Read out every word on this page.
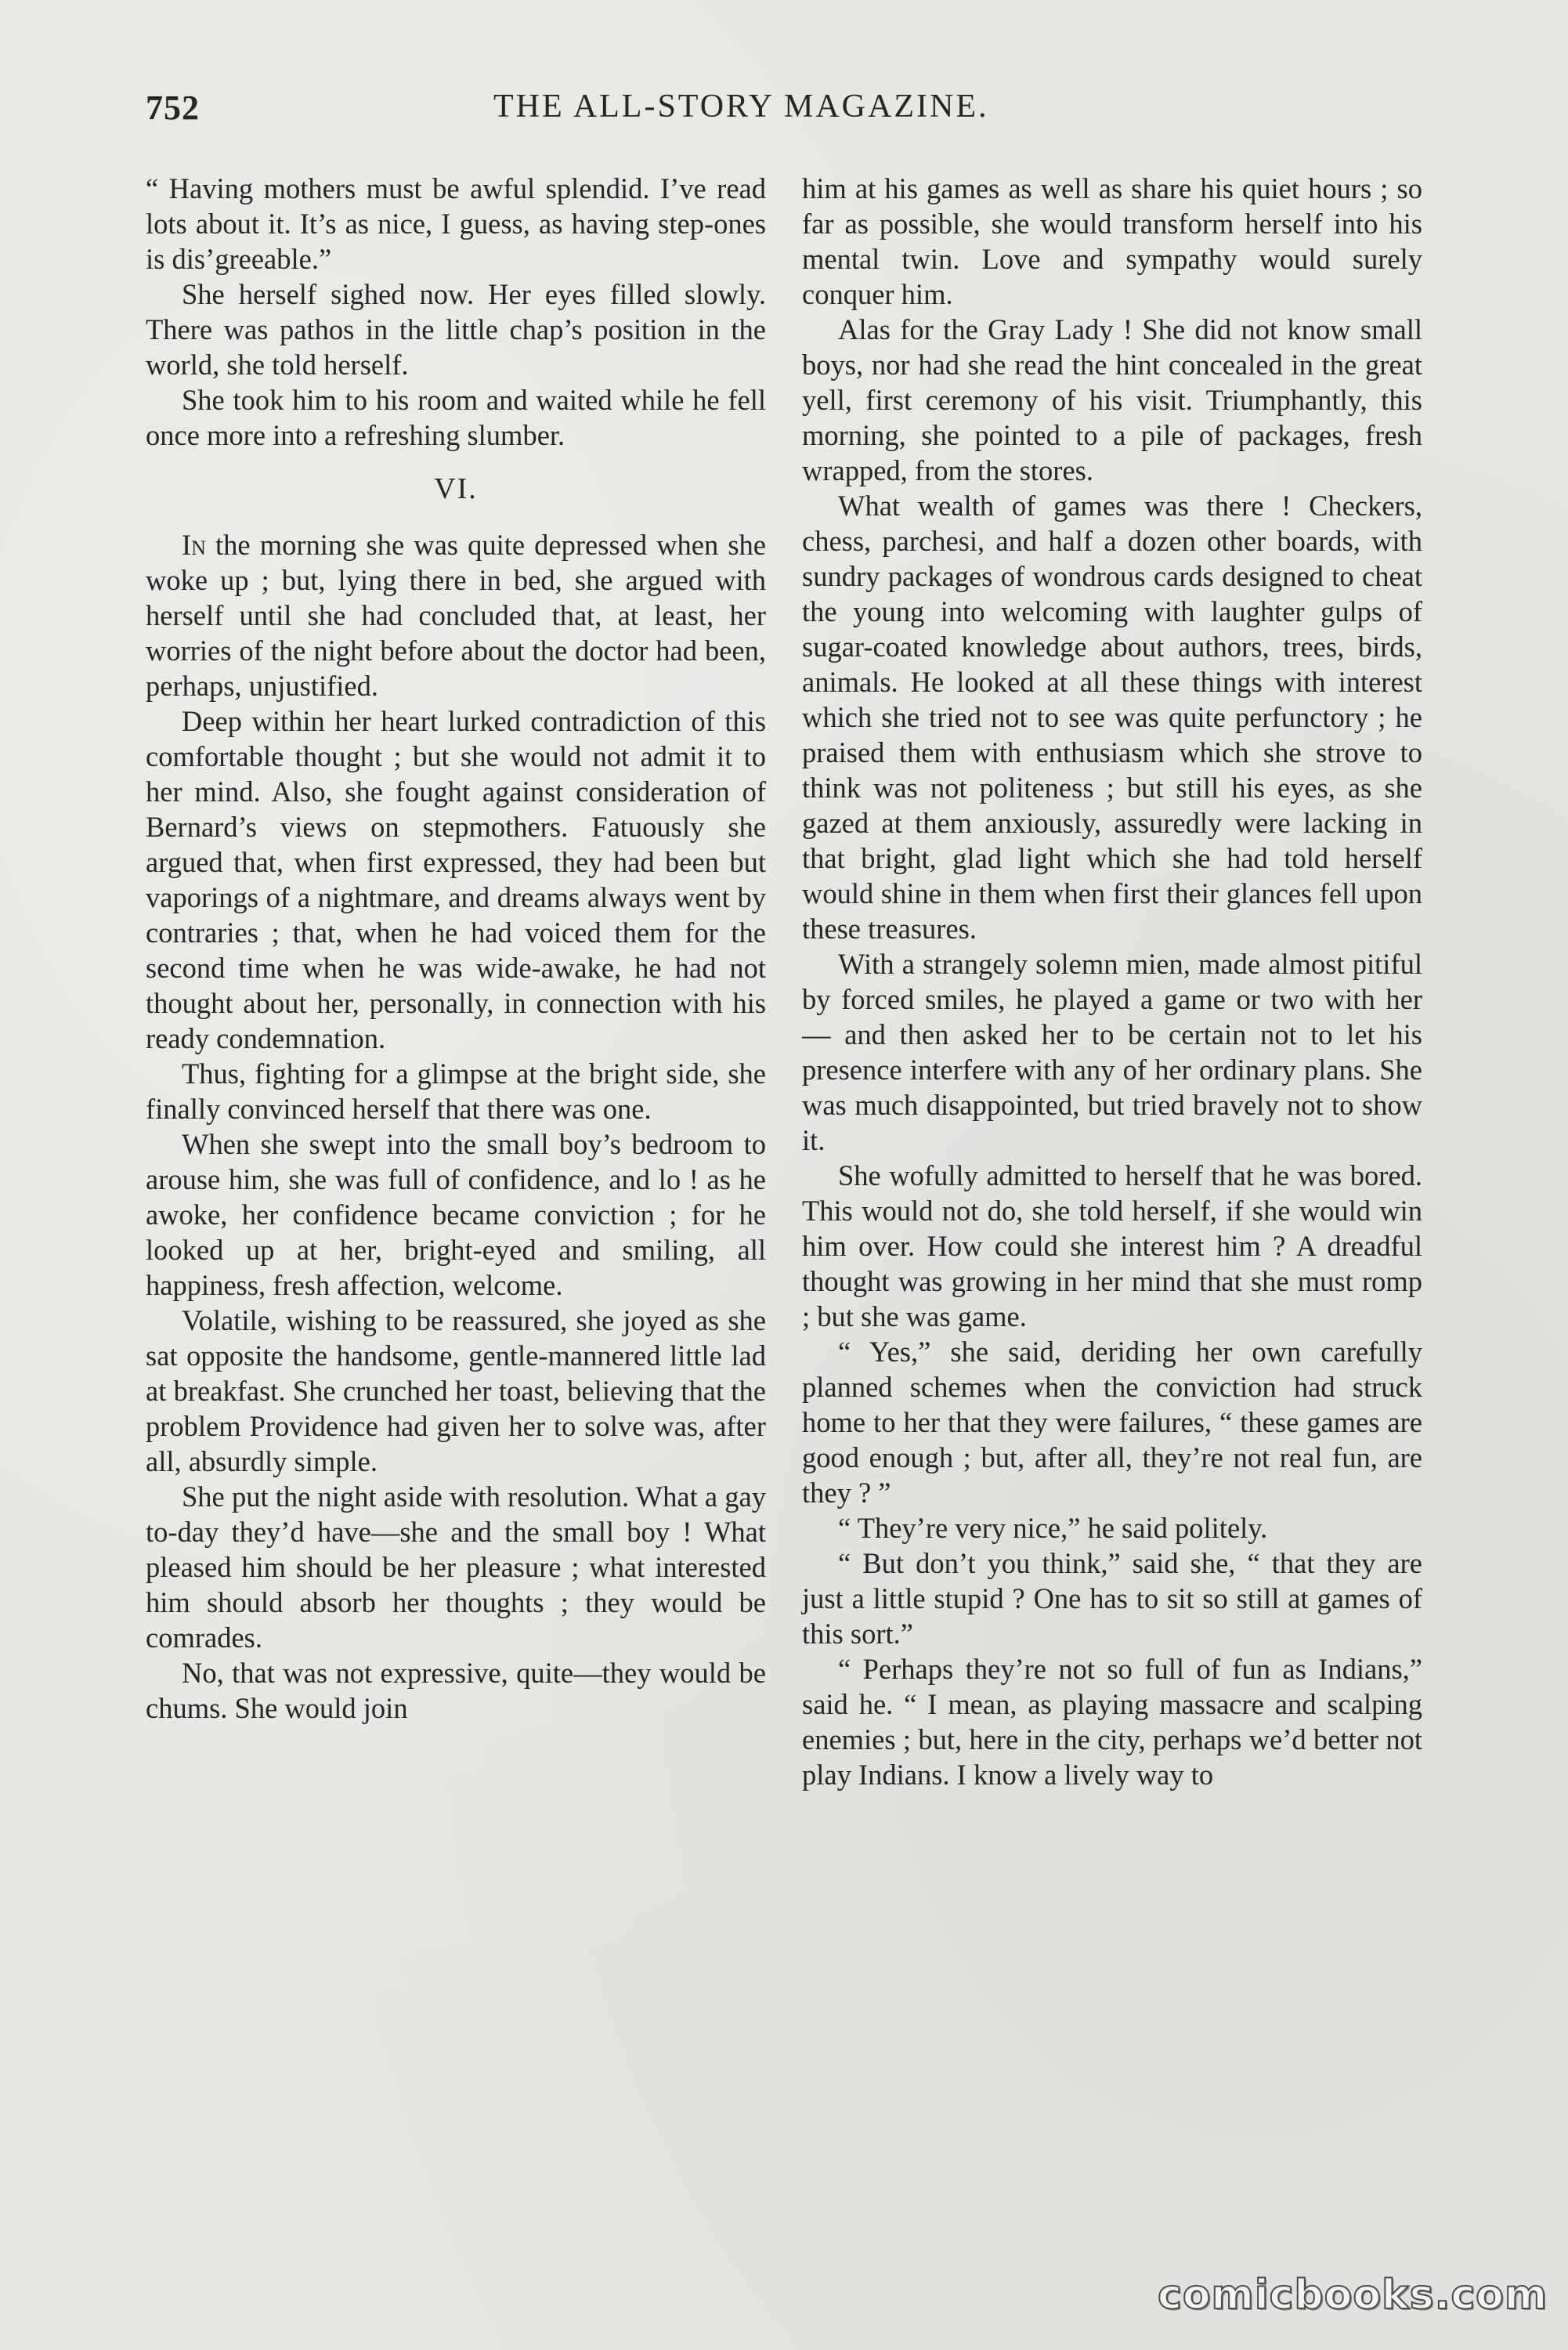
752	THE ALL-STORY MAGAZINE.

“ Having mothers must be awful splendid. I’ve read lots about it. It’s as nice, I guess, as having step-ones is dis’greeable.”

She herself sighed now. Her eyes filled slowly. There was pathos in the little chap’s position in the world, she told herself.

She took him to his room and waited while he fell once more into a refreshing slumber.

VI.

In the morning she was quite depressed when she woke up ; but, lying there in bed, she argued with herself until she had concluded that, at least, her worries of the night before about the doctor had been, perhaps, unjustified.

Deep within her heart lurked contradiction of this comfortable thought ; but she would not admit it to her mind. Also, she fought against consideration of Bernard’s views on stepmothers. Fatuously she argued that, when first expressed, they had been but vaporings of a nightmare, and dreams always went by contraries ; that, when he had voiced them for the second time when he was wide-awake, he had not thought about her, personally, in connection with his ready condemnation.

Thus, fighting for a glimpse at the bright side, she finally convinced herself that there was one.

When she swept into the small boy’s bedroom to arouse him, she was full of confidence, and lo ! as he awoke, her confidence became conviction ; for he looked up at her, bright-eyed and smiling, all happiness, fresh affection, welcome.

Volatile, wishing to be reassured, she joyed as she sat opposite the handsome, gentle-mannered little lad at breakfast. She crunched her toast, believing that the problem Providence had given her to solve was, after all, absurdly simple.

She put the night aside with resolution. What a gay to-day they’d have—she and the small boy ! What pleased him should be her pleasure ; what interested him should absorb her thoughts ; they would be comrades.

No, that was not expressive, quite—they would be chums. She would join

him at his games as well as share his quiet hours ; so far as possible, she would transform herself into his mental twin. Love and sympathy would surely conquer him.

Alas for the Gray Lady ! She did not know small boys, nor had she read the hint concealed in the great yell, first ceremony of his visit. Triumphantly, this morning, she pointed to a pile of packages, fresh wrapped, from the stores.

What wealth of games was there ! Checkers, chess, parchesi, and half a dozen other boards, with sundry packages of wondrous cards designed to cheat the young into welcoming with laughter gulps of sugar-coated knowledge about authors, trees, birds, animals. He looked at all these things with interest which she tried not to see was quite perfunctory ; he praised them with enthusiasm which she strove to think was not politeness ; but still his eyes, as she gazed at them anxiously, assuredly were lacking in that bright, glad light which she had told herself would shine in them when first their glances fell upon these treasures.

With a strangely solemn mien, made almost pitiful by forced smiles, he played a game or two with her — and then asked her to be certain not to let his presence interfere with any of her ordinary plans. She was much disappointed, but tried bravely not to show it.

She wofully admitted to herself that he was bored. This would not do, she told herself, if she would win him over. How could she interest him ? A dreadful thought was growing in her mind that she must romp ; but she was game.

“ Yes,” she said, deriding her own carefully planned schemes when the conviction had struck home to her that they were failures, “ these games are good enough ; but, after all, they’re not real fun, are they ? ”

“ They’re very nice,” he said politely.

“ But don’t you think,” said she, “ that they are just a little stupid ? One has to sit so still at games of this sort.”

“ Perhaps they’re not so full of fun as Indians,” said he. “ I mean, as playing massacre and scalping enemies ; but, here in the city, perhaps we’d better not play Indians. I know a lively way to

comicbooks.com
